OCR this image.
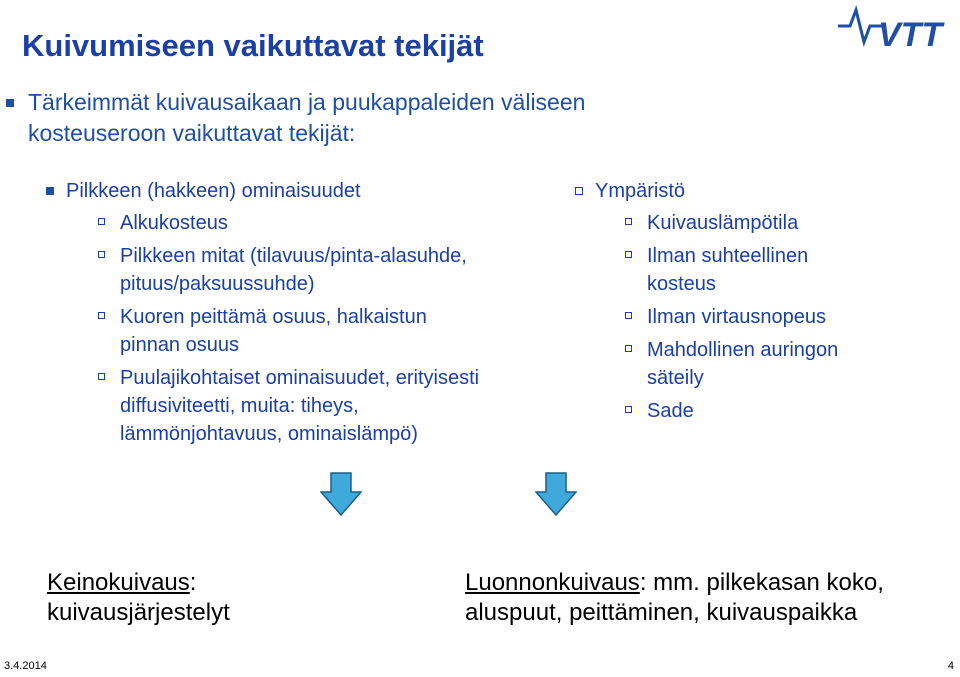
Kuivumiseen vaikuttavat tekijät	VTT
Tärkeimmät kuivausaikaan ja puukappaleiden väliseen
kosteuseroon vaikuttavat tekijät:
Pilkkeen (hakkeen) ominaisuudet
Alkukosteus
Pilkkeen mitat (tilavuus/pinta-alasuhde,
pituus/paksuussuhde)
Kuoren peittämä osuus, halkaistun
pinnan osuus
Puulajikohtaiset ominaisuudet, erityisesti
diffusiviteetti, muita: tiheys,
lämmönjohtavuus, ominaislämpö)
Ympäristö
Kuivauslämpötila
Ilman suhteellinen
kosteus
Ilman virtausnopeus
Mahdollinen auringon
säteily
Sade
Keinokuivaus:
kuivausjärjestelyt
Luonnonkuivaus: mm. pilkekasan koko,
aluspuut, peittäminen, kuivauspaikka
3.4.2014	4
